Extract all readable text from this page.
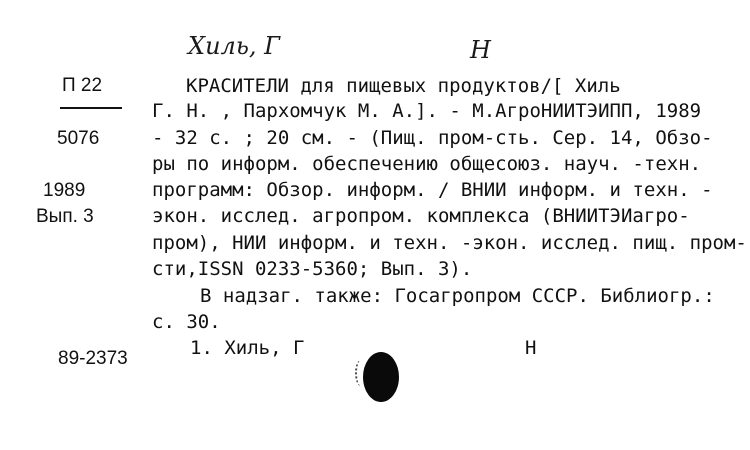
Хиль, Г	Н
П 22
5076
1989
Вып. 3
89-2373
КРАСИТЕЛИ для пищевых продуктов/[ Хиль
Г. Н. , Пархомчук М. А.]. - М.АгроНИИТЭИПП, 1989
- 32 с. ; 20 см. - (Пищ. пром-сть. Сер. 14, Обзо-
ры по информ. обеспечению общесоюз. науч. -техн.
программ: Обзор. информ. / ВНИИ информ. и техн. -
экон. исслед. агропром. комплекса (ВНИИТЭИагро-
пром), НИИ информ. и техн. -экон. исслед. пищ. пром-
сти,ISSN 0233-5360; Вып. 3).
В надзаг. также: Госагропром СССР. Библиогр.:
с. 30.
1. Хиль, Г	Н
